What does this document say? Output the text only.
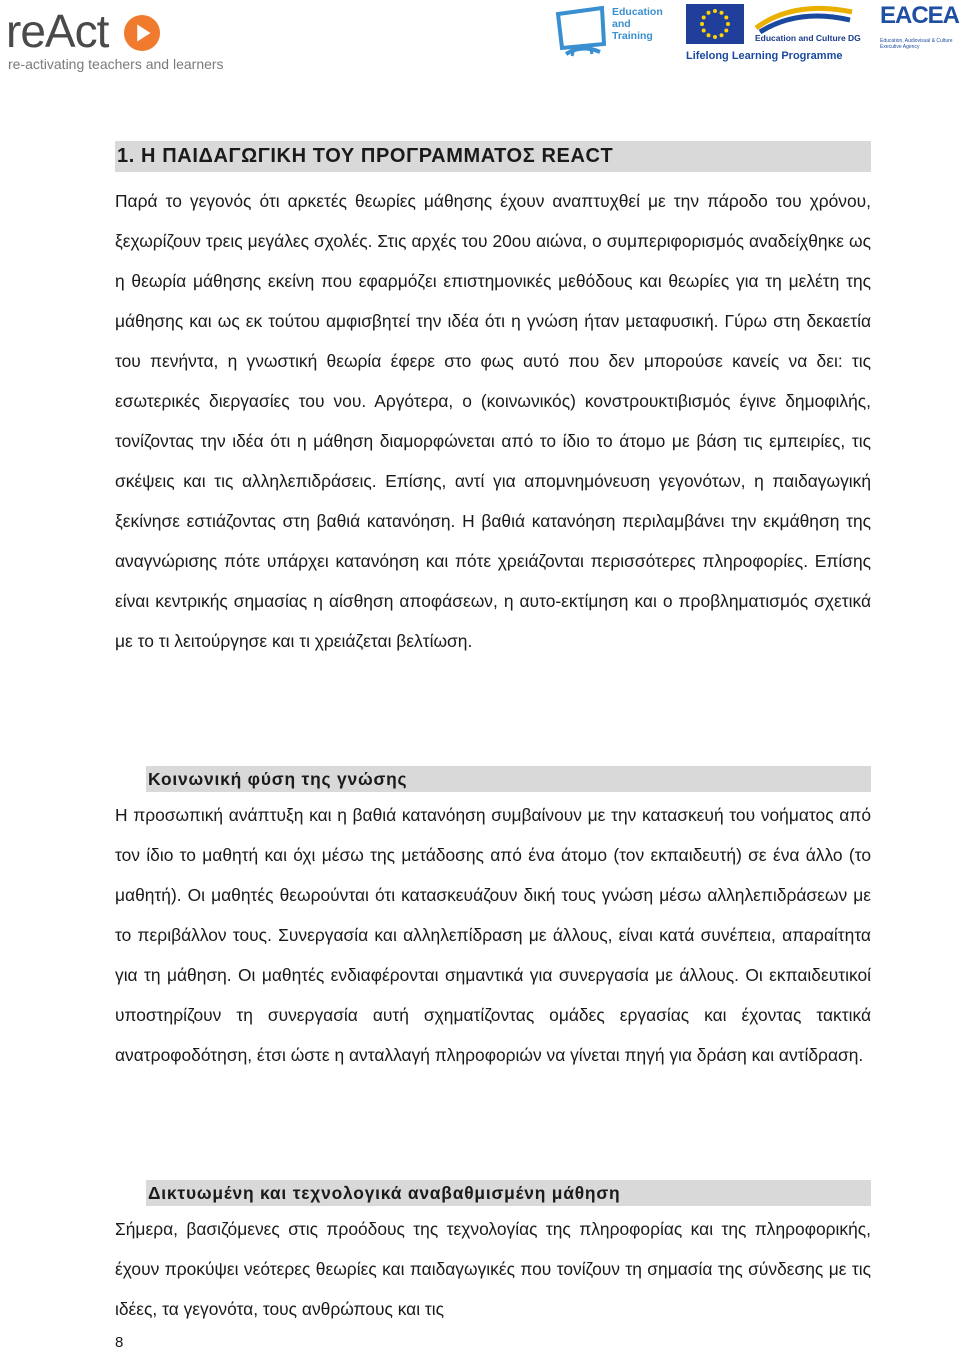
reAct
re-activating teachers and learners
Education
and
Training	Education and Culture DG
Lifelong Learning Programme
EACEA
Education, Audiovisual & Culture Executive Agency
1. Η ΠΑΙΔΑΓΩΓΙΚΗ ΤΟΥ ΠΡΟΓΡΑΜΜΑΤΟΣ REACT
Παρά το γεγονός ότι αρκετές θεωρίες μάθησης έχουν αναπτυχθεί με την πάροδο του χρόνου, ξεχωρίζουν τρεις μεγάλες σχολές. Στις αρχές του 20ου αιώνα, ο συμπεριφορισμός αναδείχθηκε ως η θεωρία μάθησης εκείνη που εφαρμόζει επιστημονικές μεθόδους και θεωρίες για τη μελέτη της μάθησης και ως εκ τούτου αμφισβητεί την ιδέα ότι η γνώση ήταν μεταφυσική. Γύρω στη δεκαετία του πενήντα, η γνωστική θεωρία έφερε στο φως αυτό που δεν μπορούσε κανείς να δει: τις εσωτερικές διεργασίες του νου. Αργότερα, ο (κοινωνικός) κονστρουκτιβισμός έγινε δημοφιλής, τονίζοντας την ιδέα ότι η μάθηση διαμορφώνεται από το ίδιο το άτομο με βάση τις εμπειρίες, τις σκέψεις και τις αλληλεπιδράσεις. Επίσης, αντί για απομνημόνευση γεγονότων, η παιδαγωγική ξεκίνησε εστιάζοντας στη βαθιά κατανόηση. Η βαθιά κατανόηση περιλαμβάνει την εκμάθηση της αναγνώρισης πότε υπάρχει κατανόηση και πότε χρειάζονται περισσότερες πληροφορίες. Επίσης είναι κεντρικής σημασίας η αίσθηση αποφάσεων, η αυτο-εκτίμηση και ο προβληματισμός σχετικά με το τι λειτούργησε και τι χρειάζεται βελτίωση.
Κοινωνική φύση της γνώσης
Η προσωπική ανάπτυξη και η βαθιά κατανόηση συμβαίνουν με την κατασκευή του νοήματος από τον ίδιο το μαθητή και όχι μέσω της μετάδοσης από ένα άτομο (τον εκπαιδευτή) σε ένα άλλο (το μαθητή). Οι μαθητές θεωρούνται ότι κατασκευάζουν δική τους γνώση μέσω αλληλεπιδράσεων με το περιβάλλον τους. Συνεργασία και αλληλεπίδραση με άλλους, είναι κατά συνέπεια, απαραίτητα για τη μάθηση. Οι μαθητές ενδιαφέρονται σημαντικά για συνεργασία με άλλους. Οι εκπαιδευτικοί υποστηρίζουν τη συνεργασία αυτή σχηματίζοντας ομάδες εργασίας και έχοντας τακτικά ανατροφοδότηση, έτσι ώστε η ανταλλαγή πληροφοριών να γίνεται πηγή για δράση και αντίδραση.
Δικτυωμένη και τεχνολογικά αναβαθμισμένη μάθηση
Σήμερα, βασιζόμενες στις προόδους της τεχνολογίας της πληροφορίας και της πληροφορικής, έχουν προκύψει νεότερες θεωρίες και παιδαγωγικές που τονίζουν τη σημασία της σύνδεσης με τις ιδέες, τα γεγονότα, τους ανθρώπους και τις
8
